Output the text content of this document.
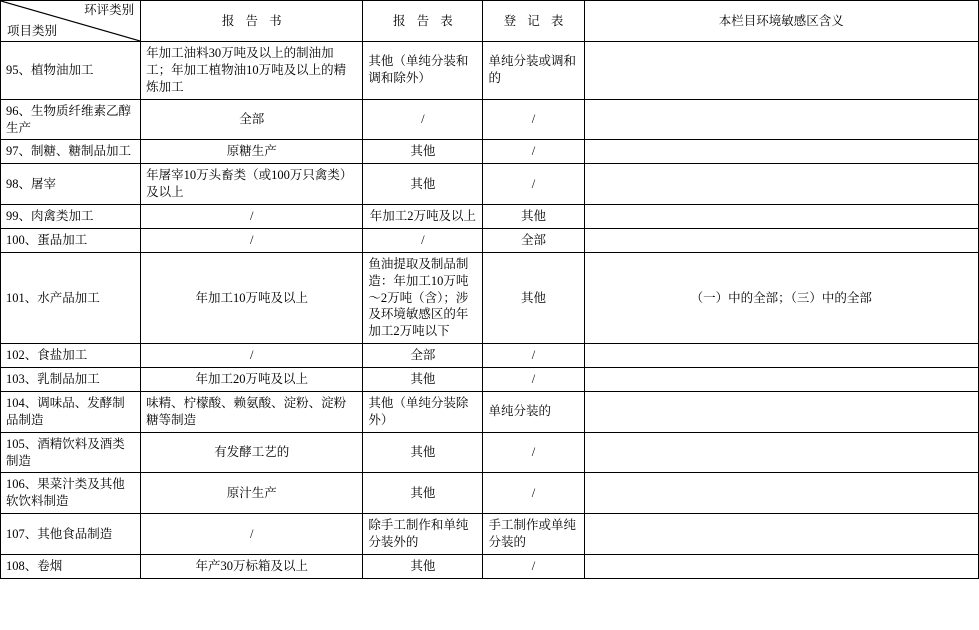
环评类别
项目类别	报 告 书	报 告 表	登 记 表	本栏目环境敏感区含义
95、植物油加工	年加工油料30万吨及以上的制油加工；年加工植物油10万吨及以上的精炼加工	其他（单纯分装和调和除外）	单纯分装或调和的	
96、生物质纤维素乙醇生产	全部	/	/	
97、制糖、糖制品加工	原糖生产	其他	/	
98、屠宰	年屠宰10万头畜类（或100万只禽类）及以上	其他	/	
99、肉禽类加工	/	年加工2万吨及以上	其他	
100、蛋品加工	/	/	全部	
101、水产品加工	年加工10万吨及以上	鱼油提取及制品制造：年加工10万吨～2万吨（含）；涉及环境敏感区的年加工2万吨以下	其他	（一）中的全部；（三）中的全部
102、食盐加工	/	全部	/	
103、乳制品加工	年加工20万吨及以上	其他	/	
104、调味品、发酵制品制造	味精、柠檬酸、赖氨酸、淀粉、淀粉糖等制造	其他（单纯分装除外）	单纯分装的	
105、酒精饮料及酒类制造	有发酵工艺的	其他	/	
106、果菜汁类及其他软饮料制造	原汁生产	其他	/	
107、其他食品制造	/	除手工制作和单纯分装外的	手工制作或单纯分装的	
108、卷烟	年产30万标箱及以上	其他	/	
